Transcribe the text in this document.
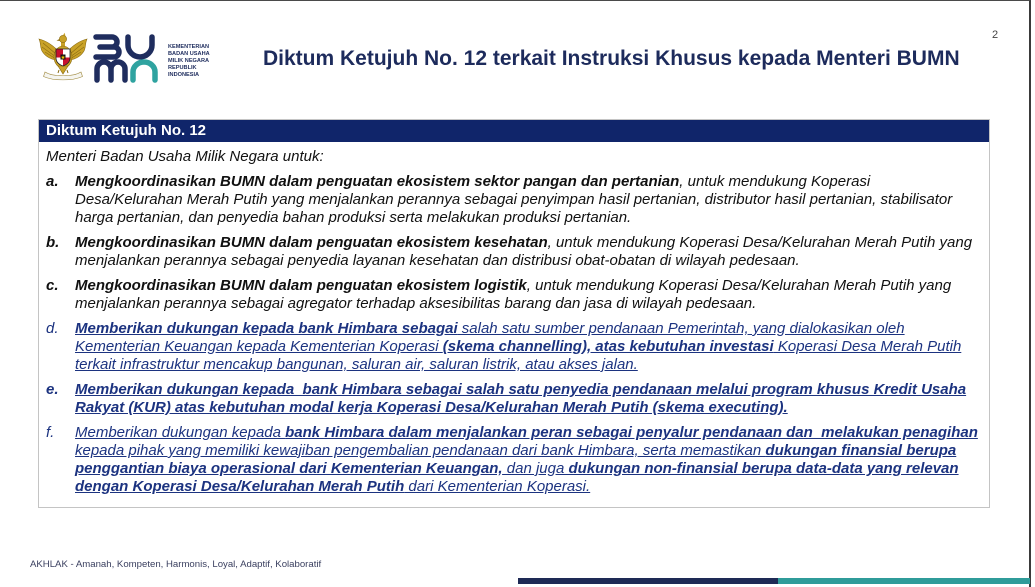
2
KEMENTERIAN
BADAN USAHA
MILIK NEGARA
REPUBLIK
INDONESIA
Diktum Ketujuh No. 12 terkait Instruksi Khusus kepada Menteri BUMN
Diktum Ketujuh No. 12
Menteri Badan Usaha Milik Negara untuk:
a.	Mengkoordinasikan BUMN dalam penguatan ekosistem sektor pangan dan pertanian, untuk mendukung Koperasi
Desa/Kelurahan Merah Putih yang menjalankan perannya sebagai penyimpan hasil pertanian, distributor hasil pertanian, stabilisator
harga pertanian, dan penyedia bahan produksi serta melakukan produksi pertanian.
b.	Mengkoordinasikan BUMN dalam penguatan ekosistem kesehatan, untuk mendukung Koperasi Desa/Kelurahan Merah Putih yang
menjalankan perannya sebagai penyedia layanan kesehatan dan distribusi obat-obatan di wilayah pedesaan.
c.	Mengkoordinasikan BUMN dalam penguatan ekosistem logistik, untuk mendukung Koperasi Desa/Kelurahan Merah Putih yang
menjalankan perannya sebagai agregator terhadap aksesibilitas barang dan jasa di wilayah pedesaan.
d.	Memberikan dukungan kepada bank Himbara sebagai salah satu sumber pendanaan Pemerintah, yang dialokasikan oleh
Kementerian Keuangan kepada Kementerian Koperasi (skema channelling), atas kebutuhan investasi Koperasi Desa Merah Putih
terkait infrastruktur mencakup bangunan, saluran air, saluran listrik, atau akses jalan.
e.	Memberikan dukungan kepada  bank Himbara sebagai salah satu penyedia pendanaan melalui program khusus Kredit Usaha
Rakyat (KUR) atas kebutuhan modal kerja Koperasi Desa/Kelurahan Merah Putih (skema executing).
f.	Memberikan dukungan kepada bank Himbara dalam menjalankan peran sebagai penyalur pendanaan dan  melakukan penagihan
kepada pihak yang memiliki kewajiban pengembalian pendanaan dari bank Himbara, serta memastikan dukungan finansial berupa
penggantian biaya operasional dari Kementerian Keuangan, dan juga dukungan non-finansial berupa data-data yang relevan
dengan Koperasi Desa/Kelurahan Merah Putih dari Kementerian Koperasi.
AKHLAK - Amanah, Kompeten, Harmonis, Loyal, Adaptif, Kolaboratif
